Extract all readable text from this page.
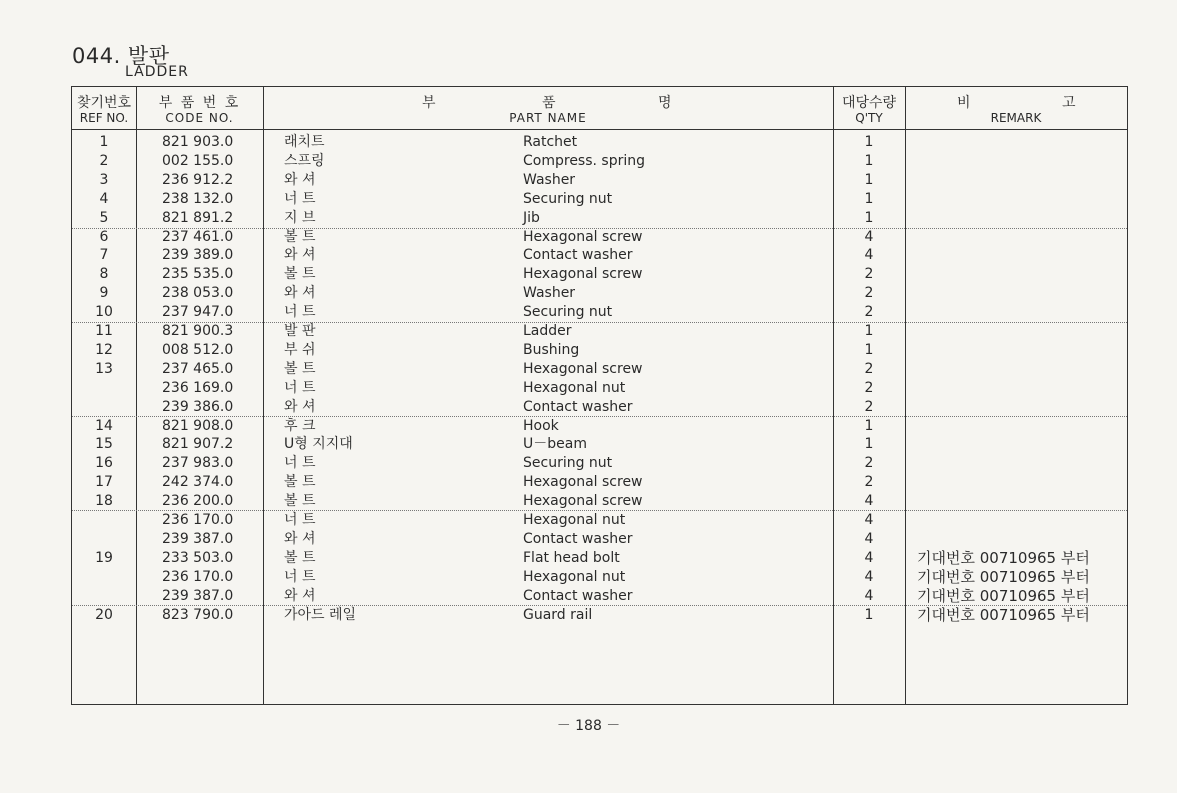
044. 발판
LADDER
찾기번호
REF NO.
부 품 번 호
CODE NO.
부	품	명
PART NAME
대당수량
Q'TY
비	고
REMARK
1	821 903.0	래치트	Ratchet	1
2	002 155.0	스프링	Compress. spring	1
3	236 912.2	와 셔	Washer	1
4	238 132.0	너 트	Securing nut	1
5	821 891.2	지 브	Jib	1
6	237 461.0	볼 트	Hexagonal screw	4
7	239 389.0	와 셔	Contact washer	4
8	235 535.0	볼 트	Hexagonal screw	2
9	238 053.0	와 셔	Washer	2
10	237 947.0	너 트	Securing nut	2
11	821 900.3	발 판	Ladder	1
12	008 512.0	부 쉬	Bushing	1
13	237 465.0	볼 트	Hexagonal screw	2
236 169.0	너 트	Hexagonal nut	2
239 386.0	와 셔	Contact washer	2
14	821 908.0	후 크	Hook	1
15	821 907.2	U형 지지대	U－beam	1
16	237 983.0	너 트	Securing nut	2
17	242 374.0	볼 트	Hexagonal screw	2
18	236 200.0	볼 트	Hexagonal screw	4
236 170.0	너 트	Hexagonal nut	4
239 387.0	와 셔	Contact washer	4
19	233 503.0	볼 트	Flat head bolt	4	기대번호 00710965 부터
236 170.0	너 트	Hexagonal nut	4	기대번호 00710965 부터
239 387.0	와 셔	Contact washer	4	기대번호 00710965 부터
20	823 790.0	가아드 레일	Guard rail	1	기대번호 00710965 부터
－ 188 －
